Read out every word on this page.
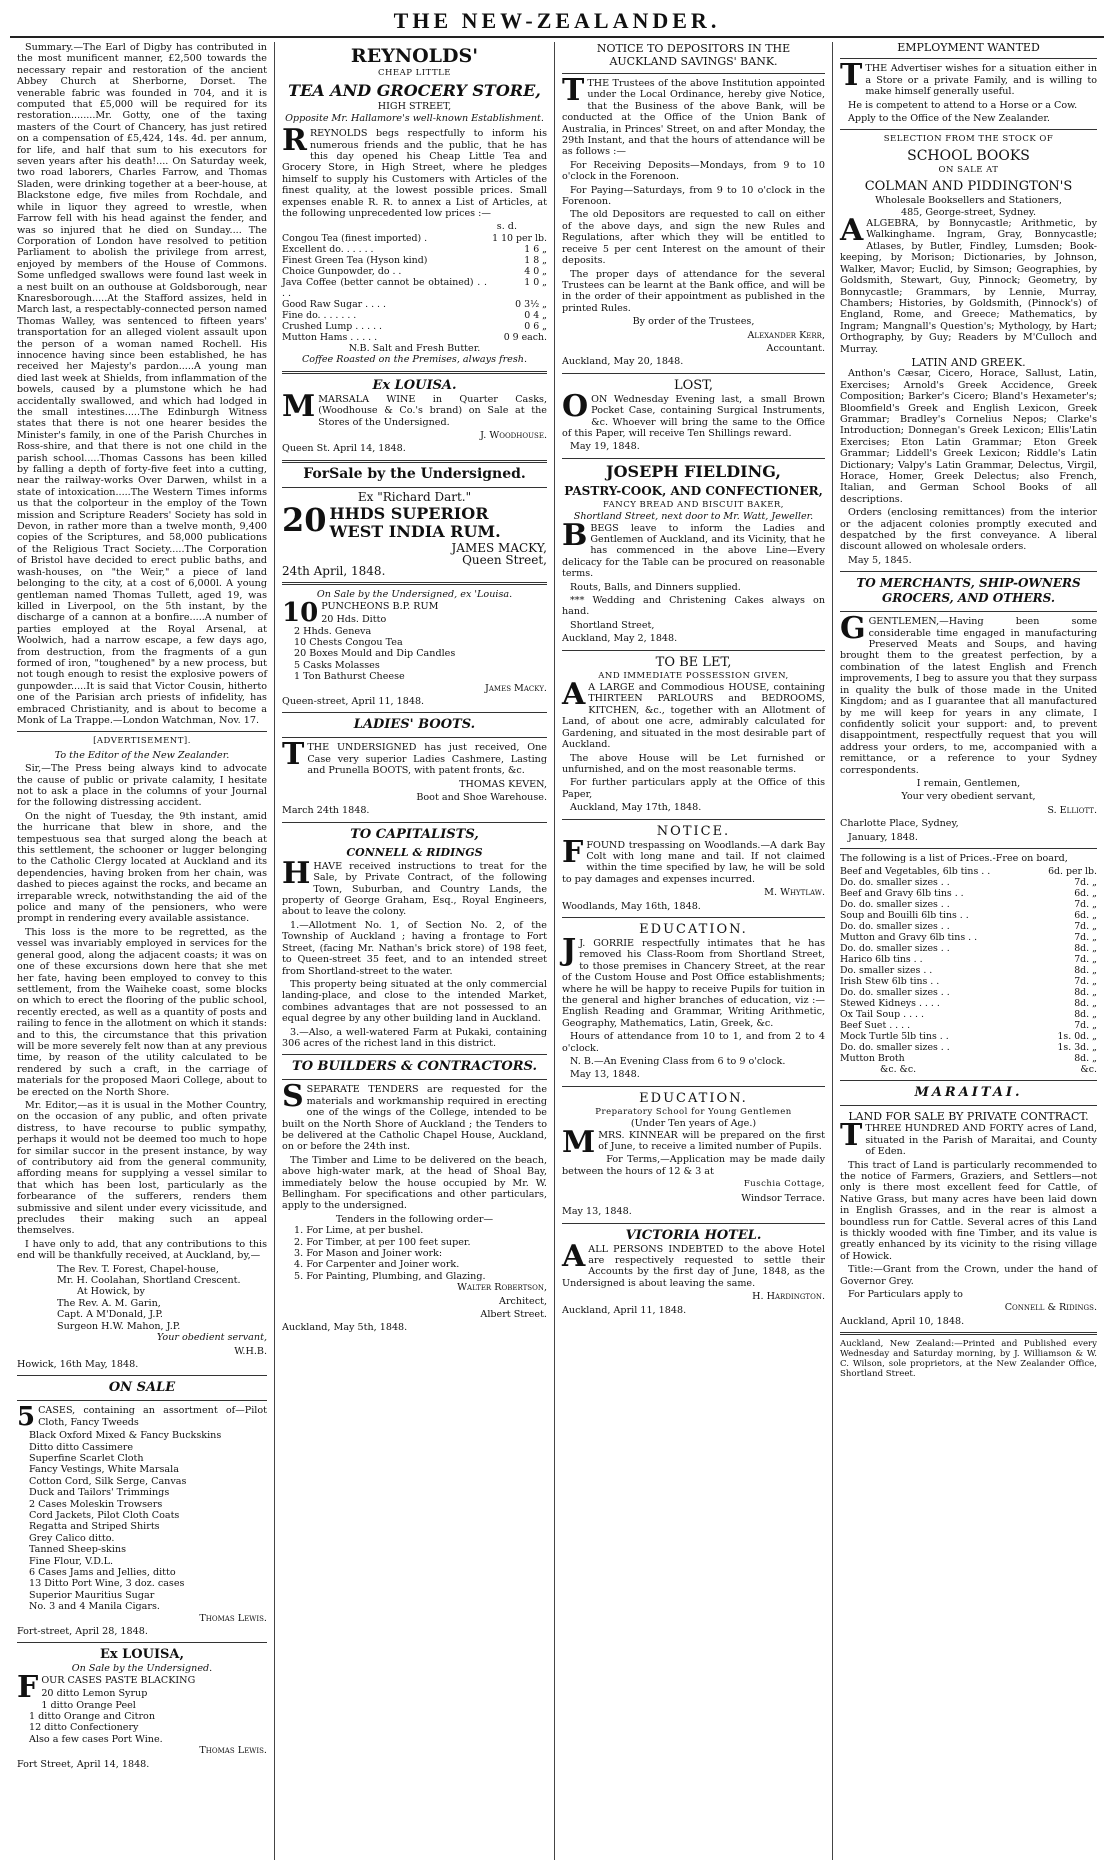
THE NEW-ZEALANDER.

Summary.—The Earl of Digby has contributed in the most munificent manner, £2,500 towards the necessary repair and restoration of the ancient Abbey Church at Sherborne, Dorset. The venerable fabric was founded in 704, and it is computed that £5,000 will be required for its restoration........Mr. Gotty, one of the taxing masters of the Court of Chancery, has just retired on a compensation of £5,424, 14s. 4d. per annum, for life, and half that sum to his executors for seven years after his death!.... On Saturday week, two road laborers, Charles Farrow, and Thomas Sladen, were drinking together at a beer-house, at Blackstone edge, five miles from Rochdale, and while in liquor they agreed to wrestle, when Farrow fell with his head against the fender, and was so injured that he died on Sunday.... The Corporation of London have resolved to petition Parliament to abolish the privilege from arrest, enjoyed by members of the House of Commons. Some unfledged swallows were found last week in a nest built on an outhouse at Goldsborough, near Knaresborough.....At the Stafford assizes, held in March last, a respectably-connected person named Thomas Walley, was sentenced to fifteen years' transportation for an alleged violent assault upon the person of a woman named Rochell. His innocence having since been established, he has received her Majesty's pardon.....A young man died last week at Shields, from inflammation of the bowels, caused by a plumstone which he had accidentally swallowed, and which had lodged in the small intestines.....The Edinburgh Witness states that there is not one hearer besides the Minister's family, in one of the Parish Churches in Ross-shire, and that there is not one child in the parish school.....Thomas Cassons has been killed by falling a depth of forty-five feet into a cutting, near the railway-works Over Darwen, whilst in a state of intoxication.....The Western Times informs us that the colporteur in the employ of the Town mission and Scripture Readers' Society has sold in Devon, in rather more than a twelve month, 9,400 copies of the Scriptures, and 58,000 publications of the Religious Tract Society.....The Corporation of Bristol have decided to erect public baths, and wash-houses, on "the Weir," a piece of land belonging to the city, at a cost of 6,000l. A young gentleman named Thomas Tullett, aged 19, was killed in Liverpool, on the 5th instant, by the discharge of a cannon at a bonfire.....A number of parties employed at the Royal Arsenal, at Woolwich, had a narrow escape, a few days ago, from destruction, from the fragments of a gun formed of iron, "toughened" by a new process, but not tough enough to resist the explosive powers of gunpowder.....It is said that Victor Cousin, hitherto one of the Parisian arch priests of infidelity, has embraced Christianity, and is about to become a Monk of La Trappe.—London Watchman, Nov. 17.

[ADVERTISEMENT].

To the Editor of the New Zealander.

Sir,—The Press being always kind to advocate the cause of public or private calamity, I hesitate not to ask a place in the columns of your Journal for the following distressing accident.

On the night of Tuesday, the 9th instant, amid the hurricane that blew in shore, and the tempestuous sea that surged along the beach at this settlement, the schooner or lugger belonging to the Catholic Clergy located at Auckland and its dependencies, having broken from her chain, was dashed to pieces against the rocks, and became an irreparable wreck, notwithstanding the aid of the police and many of the pensioners, who were prompt in rendering every available assistance.

This loss is the more to be regretted, as the vessel was invariably employed in services for the general good, along the adjacent coasts; it was on one of these excursions down here that she met her fate, having been employed to convey to this settlement, from the Waiheke coast, some blocks on which to erect the flooring of the public school, recently erected, as well as a quantity of posts and railing to fence in the allotment on which it stands: and to this, the circumstance that this privation will be more severely felt now than at any previous time, by reason of the utility calculated to be rendered by such a craft, in the carriage of materials for the proposed Maori College, about to be erected on the North Shore.

Mr. Editor,—as it is usual in the Mother Country, on the occasion of any public, and often private distress, to have recourse to public sympathy, perhaps it would not be deemed too much to hope for similar succor in the present instance, by way of contributory aid from the general community, affording means for supplying a vessel similar to that which has been lost, particularly as the forbearance of the sufferers, renders them submissive and silent under every vicissitude, and precludes their making such an appeal themselves.

I have only to add, that any contributions to this end will be thankfully received, at Auckland, by,—

The Rev. T. Forest, Chapel-house,
Mr. H. Coolahan, Shortland Crescent.
At Howick, by
The Rev. A. M. Garin,
Capt. A M'Donald, J.P.
Surgeon H.W. Mahon, J.P.

Your obedient servant,

W.H.B.

Howick, 16th May, 1848.

ON SALE

5 CASES, containing an assortment of—Pilot Cloth, Fancy Tweeds

Black Oxford Mixed & Fancy Buckskins
Ditto ditto Cassimere
Superfine Scarlet Cloth
Fancy Vestings, White Marsala
Cotton Cord, Silk Serge, Canvas
Duck and Tailors' Trimmings
2 Cases Moleskin Trowsers
Cord Jackets, Pilot Cloth Coats
Regatta and Striped Shirts
Grey Calico ditto.
Tanned Sheep-skins
Fine Flour, V.D.L.
6 Cases Jams and Jellies, ditto
13 Ditto Port Wine, 3 doz. cases
Superior Mauritius Sugar
No. 3 and 4 Manila Cigars.

Thomas Lewis.

Fort-street, April 28, 1848.

Ex LOUISA,
On Sale by the Undersigned.

FOUR CASES PASTE BLACKING

20 ditto Lemon Syrup
1 ditto Orange Peel
1 ditto Orange and Citron
12 ditto Confectionery
Also a few cases Port Wine.

Thomas Lewis.

Fort Street, April 14, 1848.

REYNOLDS'
CHEAP LITTLE
TEA AND GROCERY STORE,
HIGH STREET,
Opposite Mr. Hallamore's well-known Establishment.

RREYNOLDS begs respectfully to inform his numerous friends and the public, that he has this day opened his Cheap Little Tea and Grocery Store, in High Street, where he pledges himself to supply his Customers with Articles of the finest quality, at the lowest possible prices. Small expenses enable R. R. to annex a List of Articles, at the following unprecedented low prices :—

s. d.
Congou Tea (finest imported) .	1 10 per lb.
Excellent do. . . . . .	1 6 „
Finest Green Tea (Hyson kind)	1 8 „
Choice Gunpowder, do . .	4 0 „
Java Coffee (better cannot be obtained) . . . .	1 0 „
Good Raw Sugar . . . .	0 3½ „
Fine do. . . . . . .	0 4 „
Crushed Lump . . . . .	0 6 „
Mutton Hams . . . . .	0 9 each.
N.B. Salt and Fresh Butter.
Coffee Roasted on the Premises, always fresh.
Ex LOUISA.

MMARSALA WINE in Quarter Casks, (Woodhouse & Co.'s brand) on Sale at the Stores of the Undersigned.

J. Woodhouse.

Queen St. April 14, 1848.

ForSale by the Undersigned.
Ex "Richard Dart."
20 HHDS SUPERIOR WEST INDIA RUM.
JAMES MACKY,
Queen Street,
24th April, 1848.
On Sale by the Undersigned, ex 'Louisa.

10 PUNCHEONS B.P. RUM

20 Hds. Ditto
2 Hhds. Geneva
10 Chests Congou Tea
20 Boxes Mould and Dip Candles
5 Casks Molasses
1 Ton Bathurst Cheese

James Macky.

Queen-street, April 11, 1848.

LADIES' BOOTS.

TTHE UNDERSIGNED has just received, One Case very superior Ladies Cashmere, Lasting and Prunella BOOTS, with patent fronts, &c.

THOMAS KEVEN,

Boot and Shoe Warehouse.

March 24th 1848.

TO CAPITALISTS,
CONNELL & RIDINGS

HHAVE received instructions to treat for the Sale, by Private Contract, of the following Town, Suburban, and Country Lands, the property of George Graham, Esq., Royal Engineers, about to leave the colony.

1.—Allotment No. 1, of Section No. 2, of the Township of Auckland ; having a frontage to Fort Street, (facing Mr. Nathan's brick store) of 198 feet, to Queen-street 35 feet, and to an intended street from Shortland-street to the water.

This property being situated at the only commercial landing-place, and close to the intended Market, combines advantages that are not possessed to an equal degree by any other building land in Auckland.

3.—Also, a well-watered Farm at Pukaki, containing 306 acres of the richest land in this district.

TO BUILDERS & CONTRACTORS.

SSEPARATE TENDERS are requested for the materials and workmanship required in erecting one of the wings of the College, intended to be built on the North Shore of Auckland ; the Tenders to be delivered at the Catholic Chapel House, Auckland, on or before the 24th inst.

The Timber and Lime to be delivered on the beach, above high-water mark, at the head of Shoal Bay, immediately below the house occupied by Mr. W. Bellingham. For specifications and other particulars, apply to the undersigned.

Tenders in the following order—
1. For Lime, at per bushel.
2. For Timber, at per 100 feet super.
3. For Mason and Joiner work:
4. For Carpenter and Joiner work.
5. For Painting, Plumbing, and Glazing.

Walter Robertson,

Architect,

Albert Street.

Auckland, May 5th, 1848.

NOTICE TO DEPOSITORS IN THE AUCKLAND SAVINGS' BANK.

TTHE Trustees of the above Institution appointed under the Local Ordinance, hereby give Notice, that the Business of the above Bank, will be conducted at the Office of the Union Bank of Australia, in Princes' Street, on and after Monday, the 29th Instant, and that the hours of attendance will be as follows :—

For Receiving Deposits—Mondays, from 9 to 10 o'clock in the Forenoon.

For Paying—Saturdays, from 9 to 10 o'clock in the Forenoon.

The old Depositors are requested to call on either of the above days, and sign the new Rules and Regulations, after which they will be entitled to receive 5 per cent Interest on the amount of their deposits.

The proper days of attendance for the several Trustees can be learnt at the Bank office, and will be in the order of their appointment as published in the printed Rules.

By order of the Trustees,

Alexander Kerr,

Accountant.

Auckland, May 20, 1848.

LOST,

OON Wednesday Evening last, a small Brown Pocket Case, containing Surgical Instruments, &c. Whoever will bring the same to the Office of this Paper, will receive Ten Shillings reward.

May 19, 1848.

JOSEPH FIELDING,
PASTRY-COOK, AND CONFECTIONER,
FANCY BREAD AND BISCUIT BAKER,
Shortland Street, next door to Mr. Watt, Jeweller.

BBEGS leave to inform the Ladies and Gentlemen of Auckland, and its Vicinity, that he has commenced in the above Line—Every delicacy for the Table can be procured on reasonable terms.

Routs, Balls, and Dinners supplied.

*** Wedding and Christening Cakes always on hand.

Shortland Street,

Auckland, May 2, 1848.

TO BE LET,
AND IMMEDIATE POSSESSION GIVEN,

A A LARGE and Commodious HOUSE, containing THIRTEEN PARLOURS and BEDROOMS, KITCHEN, &c., together with an Allotment of Land, of about one acre, admirably calculated for Gardening, and situated in the most desirable part of Auckland.

The above House will be Let furnished or unfurnished, and on the most reasonable terms.

For further particulars apply at the Office of this Paper,

Auckland, May 17th, 1848.

NOTICE.

FFOUND trespassing on Woodlands.—A dark Bay Colt with long mane and tail. If not claimed within the time specified by law, he will be sold to pay damages and expenses incurred.

M. Whytlaw.

Woodlands, May 16th, 1848.

EDUCATION.

J J. GORRIE respectfully intimates that he has removed his Class-Room from Shortland Street, to those premises in Chancery Street, at the rear of the Custom House and Post Office establishments; where he will be happy to receive Pupils for tuition in the general and higher branches of education, viz :—English Reading and Grammar, Writing Arithmetic, Geography, Mathematics, Latin, Greek, &c.

Hours of attendance from 10 to 1, and from 2 to 4 o'clock.

N. B.—An Evening Class from 6 to 9 o'clock.

May 13, 1848.

EDUCATION.
Preparatory School for Young Gentlemen
(Under Ten years of Age.)

MMRS. KINNEAR will be prepared on the first of June, to receive a limited number of Pupils.

For Terms,—Application may be made daily between the hours of 12 & 3 at

Fuschia Cottage,

Windsor Terrace.

May 13, 1848.

VICTORIA HOTEL.

AALL PERSONS INDEBTED to the above Hotel are respectively requested to settle their Accounts by the first day of June, 1848, as the Undersigned is about leaving the same.

H. Hardington.

Auckland, April 11, 1848.

EMPLOYMENT WANTED

TTHE Advertiser wishes for a situation either in a Store or a private Family, and is willing to make himself generally useful.

He is competent to attend to a Horse or a Cow.

Apply to the Office of the New Zealander.

SELECTION FROM THE STOCK OF
SCHOOL BOOKS
ON SALE AT
COLMAN AND PIDDINGTON'S
Wholesale Booksellers and Stationers,
485, George-street, Sydney.

AALGEBRA, by Bonnycastle; Arithmetic, by Walkinghame. Ingram, Gray, Bonnycastle; Atlases, by Butler, Findley, Lumsden; Book-keeping, by Morison; Dictionaries, by Johnson, Walker, Mavor; Euclid, by Simson; Geographies, by Goldsmith, Stewart, Guy, Pinnock; Geometry, by Bonnycastle; Grammars, by Lennie, Murray, Chambers; Histories, by Goldsmith, (Pinnock's) of England, Rome, and Greece; Mathematics, by Ingram; Mangnall's Question's; Mythology, by Hart; Orthography, by Guy; Readers by M'Culloch and Murray.

LATIN AND GREEK.

Anthon's Cæsar, Cicero, Horace, Sallust, Latin, Exercises; Arnold's Greek Accidence, Greek Composition; Barker's Cicero; Bland's Hexameter's; Bloomfield's Greek and English Lexicon, Greek Grammar; Bradley's Cornelius Nepos; Clarke's Introduction; Donnegan's Greek Lexicon; Ellis'Latin Exercises; Eton Latin Grammar; Eton Greek Grammar; Liddell's Greek Lexicon; Riddle's Latin Dictionary; Valpy's Latin Grammar, Delectus, Virgil, Horace, Homer, Greek Delectus; also French, Italian, and German School Books of all descriptions.

Orders (enclosing remittances) from the interior or the adjacent colonies promptly executed and despatched by the first conveyance. A liberal discount allowed on wholesale orders.

May 5, 1845.

TO MERCHANTS, SHIP-OWNERS GROCERS, AND OTHERS.

GGENTLEMEN,—Having been some considerable time engaged in manufacturing Preserved Meats and Soups, and having brought them to the greatest perfection, by a combination of the latest English and French improvements, I beg to assure you that they surpass in quality the bulk of those made in the United Kingdom; and as I guarantee that all manufactured by me will keep for years in any climate, I confidently solicit your support: and, to prevent disappointment, respectfully request that you will address your orders, to me, accompanied with a remittance, or a reference to your Sydney correspondents.

I remain, Gentlemen,

Your very obedient servant,

S. Elliott.

Charlotte Place, Sydney,

January, 1848.

The following is a list of Prices.-Free on board,

Beef and Vegetables, 6lb tins . .	6d. per lb.
Do. do. smaller sizes . .	7d. „
Beef and Gravy 6lb tins . .	6d. „
Do. do. smaller sizes . .	7d. „
Soup and Bouilli 6lb tins . .	6d. „
Do. do. smaller sizes . .	7d. „
Mutton and Gravy 6lb tins . .	7d. „
Do. do. smaller sizes . .	8d. „
Harico 6lb tins . .	7d. „
Do. smaller sizes . .	8d. „
Irish Stew 6lb tins . .	7d. „
Do. do. smaller sizes . .	8d. „
Stewed Kidneys . . . .	8d. „
Ox Tail Soup . . . .	8d. „
Beef Suet . . . .	7d. „
Mock Turtle 5lb tins . .	1s. 0d. „
Do. do. smaller sizes . .	1s. 3d. „
Mutton Broth	8d. „
&c. &c.	&c.
MARAITAI.
LAND FOR SALE BY PRIVATE CONTRACT.

TTHREE HUNDRED AND FORTY acres of Land, situated in the Parish of Maraitai, and County of Eden.

This tract of Land is particularly recommended to the notice of Farmers, Graziers, and Settlers—not only is there most excellent feed for Cattle, of Native Grass, but many acres have been laid down in English Grasses, and in the rear is almost a boundless run for Cattle. Several acres of this Land is thickly wooded with fine Timber, and its value is greatly enhanced by its vicinity to the rising village of Howick.

Title:—Grant from the Crown, under the hand of Governor Grey.

For Particulars apply to

Connell & Ridings.

Auckland, April 10, 1848.

Auckland, New Zealand:—Printed and Published every Wednesday and Saturday morning, by J. Williamson & W. C. Wilson, sole proprietors, at the New Zealander Office, Shortland Street.
